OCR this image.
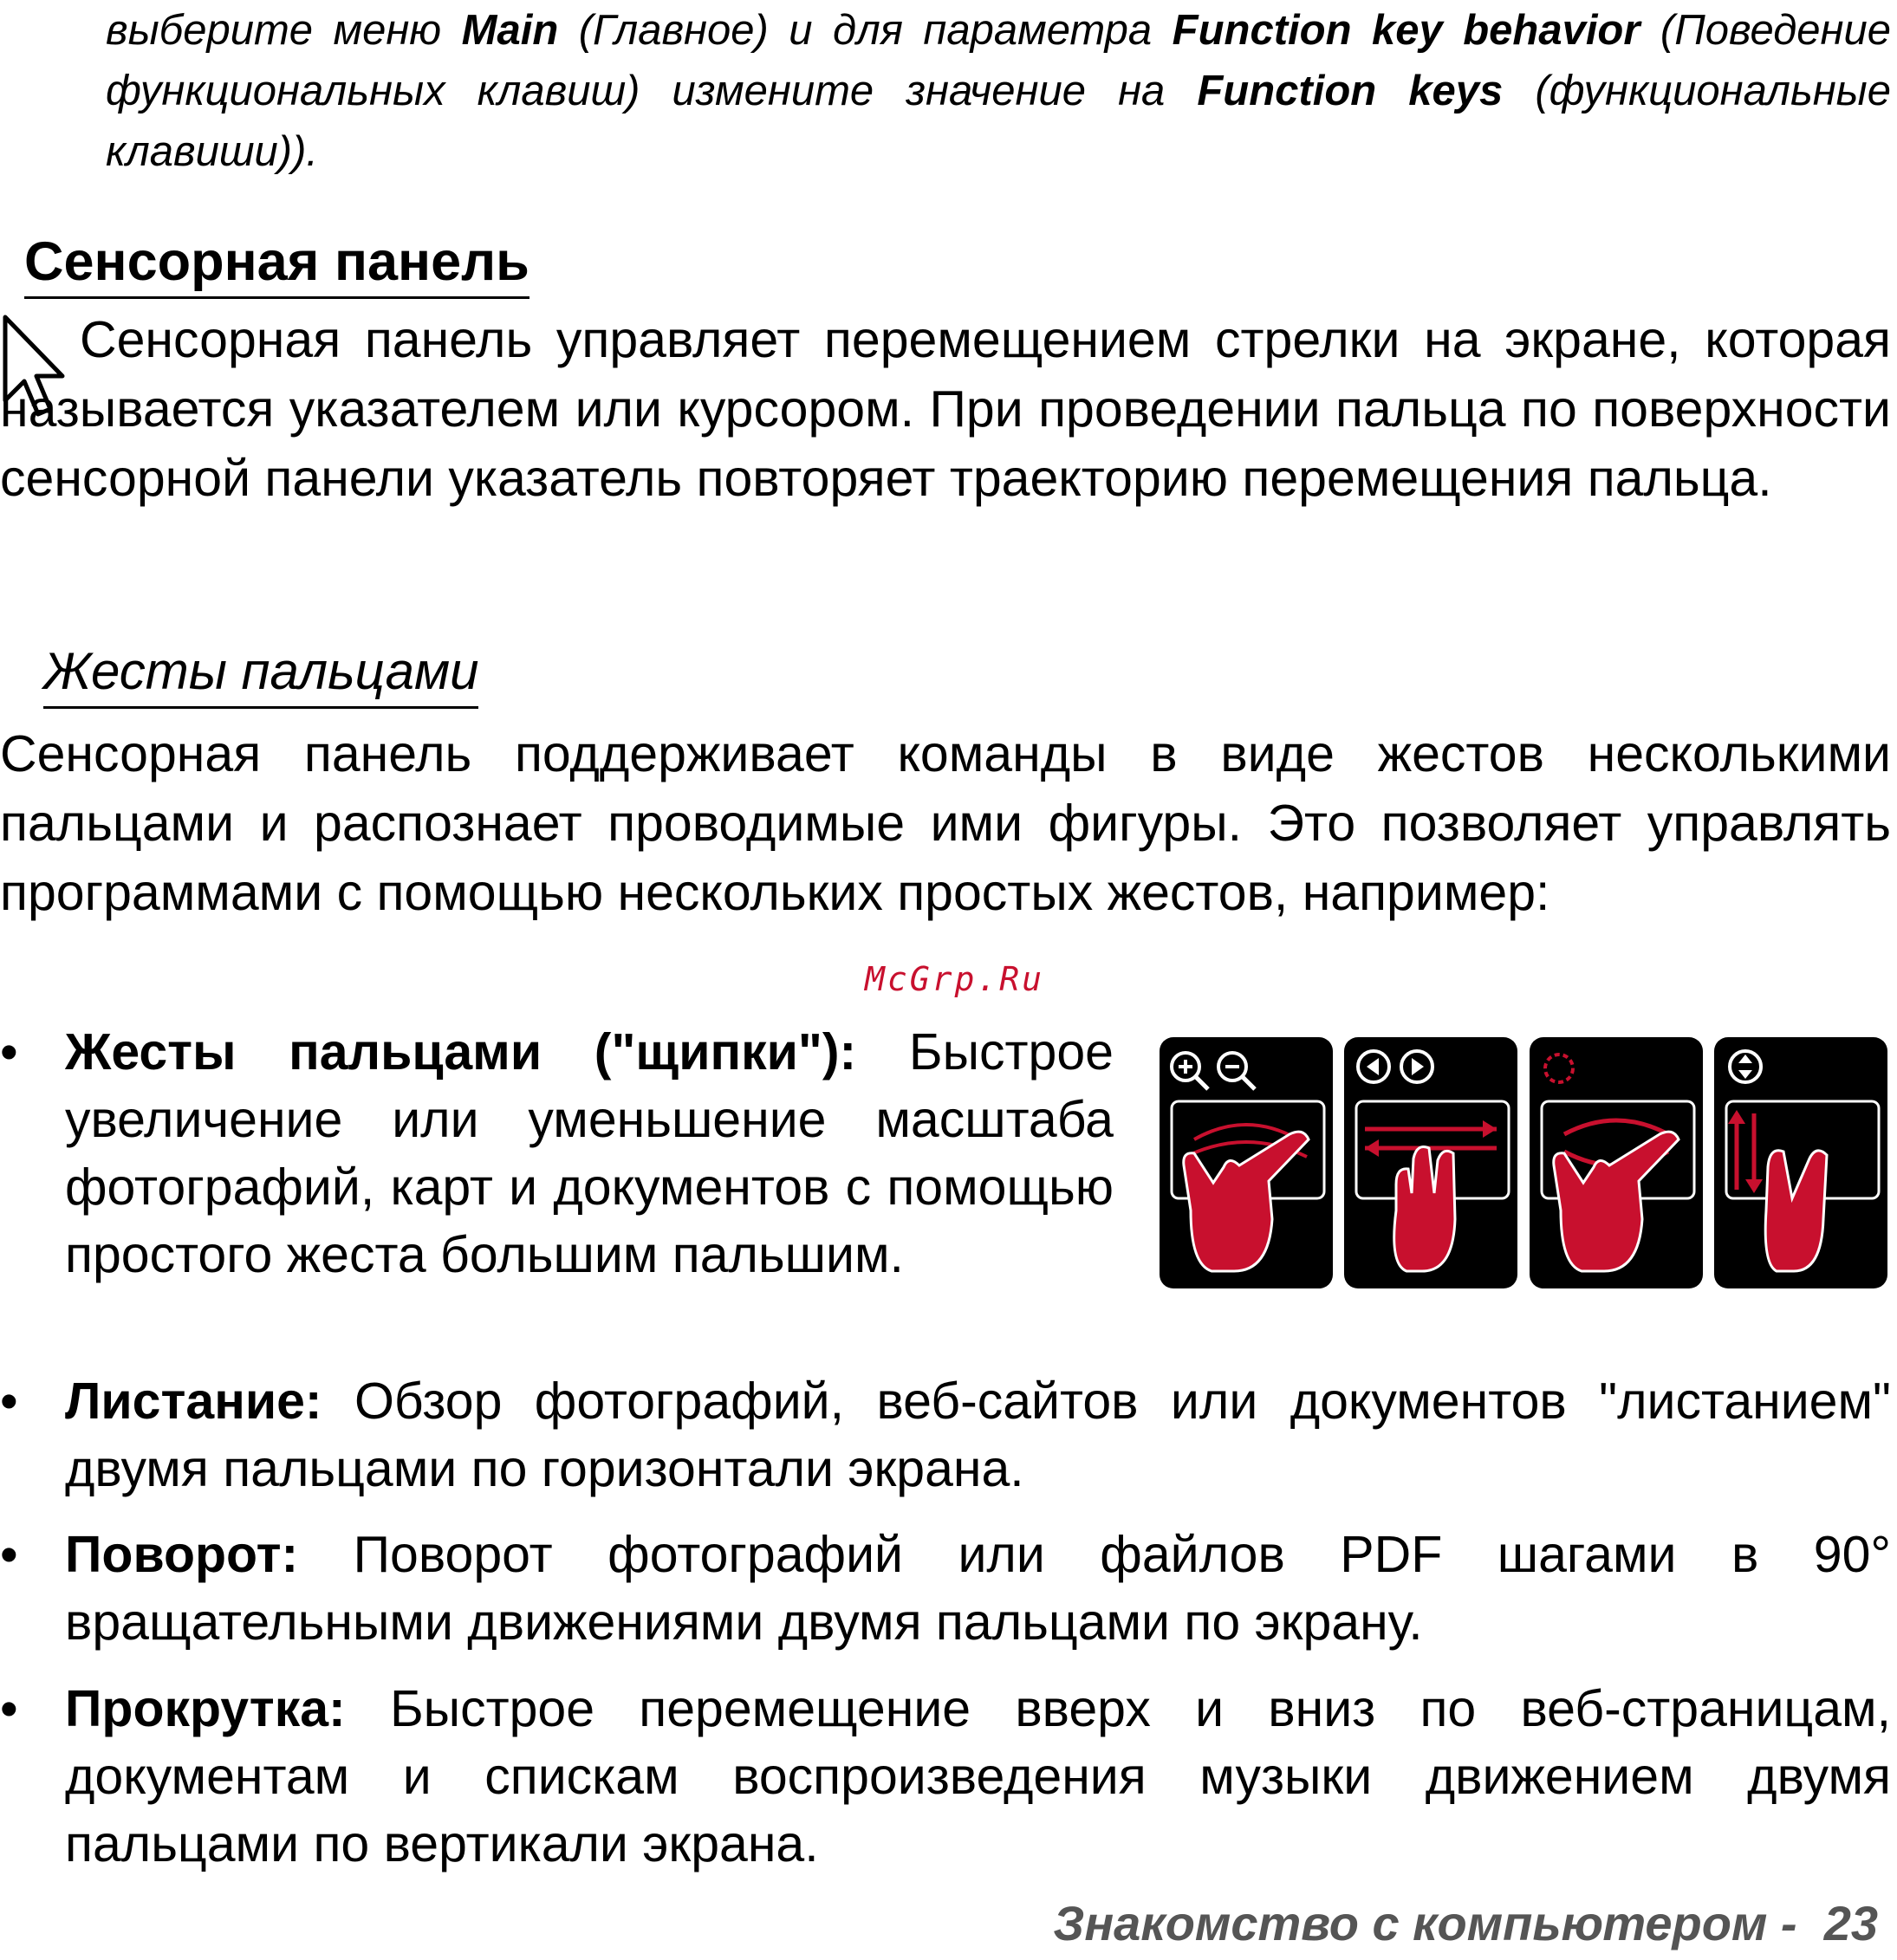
выберите меню Main (Главное) и для параметра Function key behavior (Поведение функциональных клавиш) измените значение на Function keys (функциональные клавиши)).
Сенсорная панель
Сенсорная панель управляет перемещением стрелки на экране, которая называется указателем или курсором. При проведении пальца по поверхности сенсорной панели указатель повторяет траекторию перемещения пальца.
Жесты пальцами
Сенсорная панель поддерживает команды в виде жестов несколькими пальцами и распознает проводимые ими фигуры. Это позволяет управлять программами с помощью нескольких простых жестов, например:
McGrp.Ru
• Жесты пальцами ("щипки"): Быстрое увеличение или уменьшение масштаба фотографий, карт и документов с помощью простого жеста большим пальшим.
• Листание: Обзор фотографий, веб-сайтов или документов "листанием" двумя пальцами по горизонтали экрана.
• Поворот: Поворот фотографий или файлов PDF шагами в 90° вращательными движениями двумя пальцами по экрану.
• Прокрутка: Быстрое перемещение вверх и вниз по веб-страницам, документам и спискам воспроизведения музыки движением двумя пальцами по вертикали экрана.
Знакомство с компьютером - 23
